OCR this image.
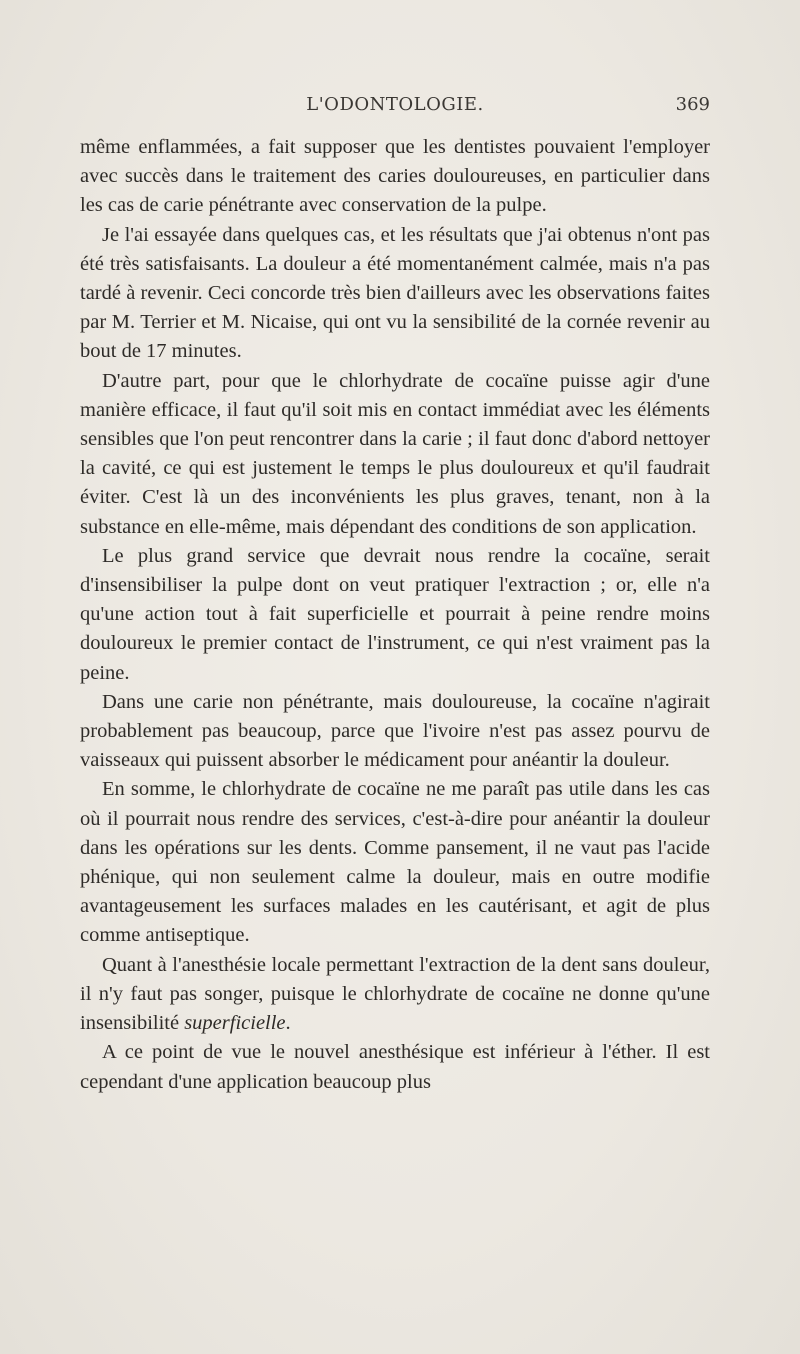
L'ODONTOLOGIE.	369

même enflammées, a fait supposer que les dentistes pouvaient l'employer avec succès dans le traitement des caries douloureuses, en particulier dans les cas de carie pénétrante avec conservation de la pulpe.

Je l'ai essayée dans quelques cas, et les résultats que j'ai obtenus n'ont pas été très satisfaisants. La douleur a été momentanément calmée, mais n'a pas tardé à revenir. Ceci concorde très bien d'ailleurs avec les observations faites par M. Terrier et M. Nicaise, qui ont vu la sensibilité de la cornée revenir au bout de 17 minutes.

D'autre part, pour que le chlorhydrate de cocaïne puisse agir d'une manière efficace, il faut qu'il soit mis en contact immédiat avec les éléments sensibles que l'on peut rencontrer dans la carie ; il faut donc d'abord nettoyer la cavité, ce qui est justement le temps le plus douloureux et qu'il faudrait éviter. C'est là un des inconvénients les plus graves, tenant, non à la substance en elle-même, mais dépendant des conditions de son application.

Le plus grand service que devrait nous rendre la cocaïne, serait d'insensibiliser la pulpe dont on veut pratiquer l'extraction ; or, elle n'a qu'une action tout à fait superficielle et pourrait à peine rendre moins douloureux le premier contact de l'instrument, ce qui n'est vraiment pas la peine.

Dans une carie non pénétrante, mais douloureuse, la cocaïne n'agirait probablement pas beaucoup, parce que l'ivoire n'est pas assez pourvu de vaisseaux qui puissent absorber le médicament pour anéantir la douleur.

En somme, le chlorhydrate de cocaïne ne me paraît pas utile dans les cas où il pourrait nous rendre des services, c'est-à-dire pour anéantir la douleur dans les opérations sur les dents. Comme pansement, il ne vaut pas l'acide phénique, qui non seulement calme la douleur, mais en outre modifie avantageusement les surfaces malades en les cautérisant, et agit de plus comme antiseptique.

Quant à l'anesthésie locale permettant l'extraction de la dent sans douleur, il n'y faut pas songer, puisque le chlorhydrate de cocaïne ne donne qu'une insensibilité superficielle.

A ce point de vue le nouvel anesthésique est inférieur à l'éther. Il est cependant d'une application beaucoup plus
